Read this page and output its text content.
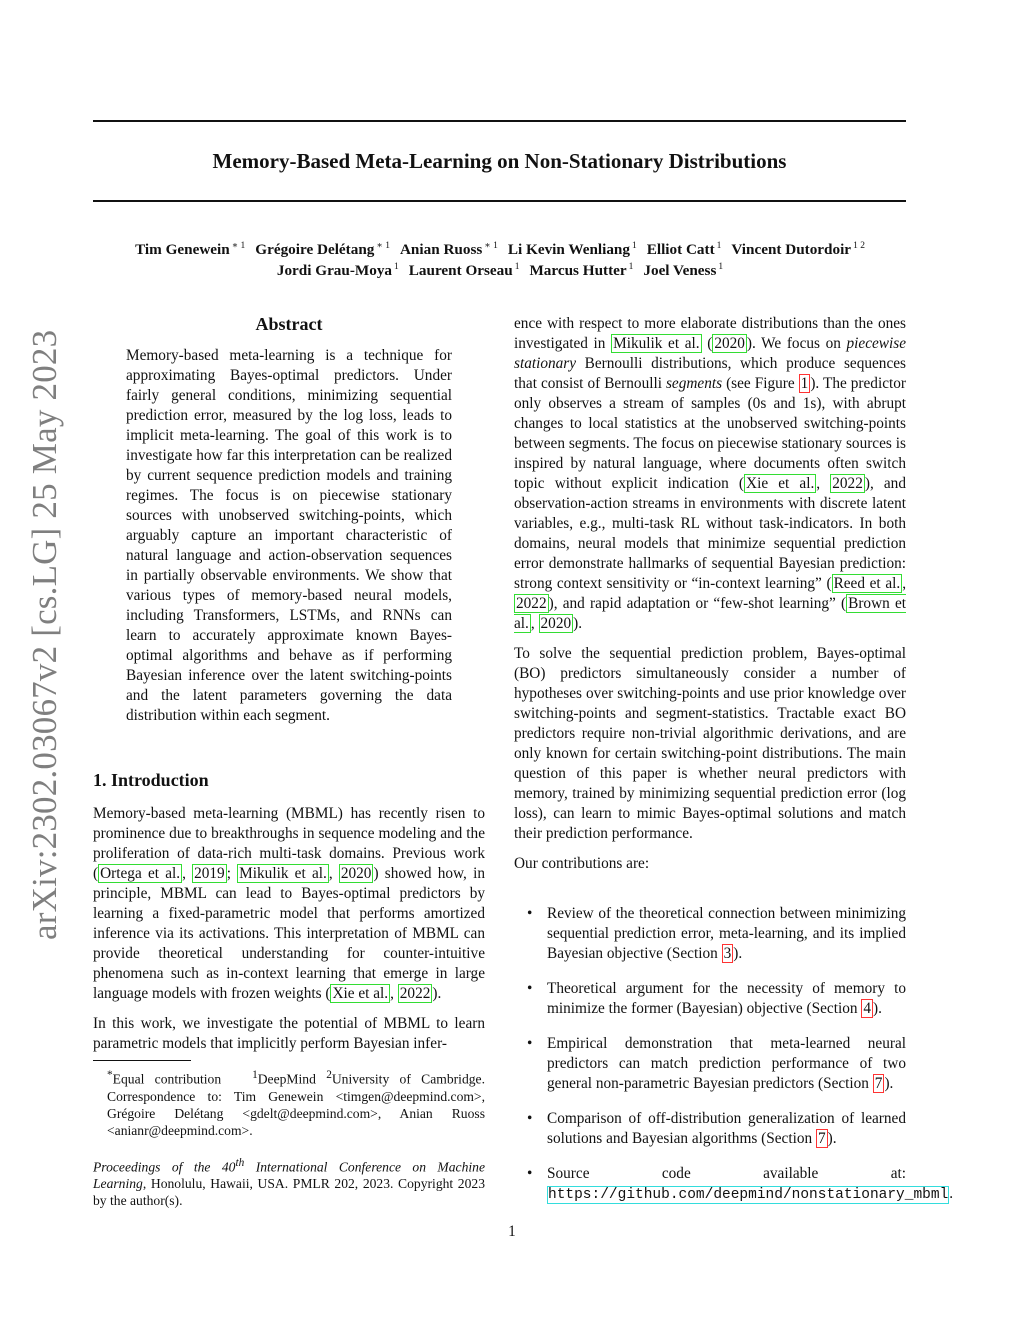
Memory-Based Meta-Learning on Non-Stationary Distributions
Tim Genewein $^{∗ 1}$ Grégoire Delétang $^{∗ 1}$ Anian Ruoss $^{∗ 1}$ Li Kevin Wenliang $^1$ Elliot Catt $^1$ Vincent Dutordoir $^{1 2}$
Jordi Grau-Moya $^1$ Laurent Orseau $^1$ Marcus Hutter $^1$ Joel Veness $^1$
arXiv:2302.03067v2 [cs.LG] 25 May 2023
Abstract
Memory-based meta-learning is a technique for approximating Bayes-optimal predictors. Under fairly general conditions, minimizing sequential prediction error, measured by the log loss, leads to implicit meta-learning. The goal of this work is to investigate how far this interpretation can be realized by current sequence prediction models and training regimes. The focus is on piecewise stationary sources with unobserved switching-points, which arguably capture an important characteristic of natural language and action-observation sequences in partially observable environments. We show that various types of memory-based neural models, including Transformers, LSTMs, and RNNs can learn to accurately approximate known Bayes-optimal algorithms and behave as if performing Bayesian inference over the latent switching-points and the latent parameters governing the data distribution within each segment.
1. Introduction

Memory-based meta-learning (MBML) has recently risen to prominence due to breakthroughs in sequence modeling and the proliferation of data-rich multi-task domains. Previous work ( Ortega et al. , 2019 ; Mikulik et al. , 2020 ) showed how, in principle, MBML can lead to Bayes-optimal predictors by learning a fixed-parametric model that performs amortized inference via its activations. This interpretation of MBML can provide theoretical understanding for counter-intuitive phenomena such as in-context learning that emerge in large language models with frozen weights ( Xie et al. , 2022 ).

In this work, we investigate the potential of MBML to learn parametric models that implicitly perform Bayesian infer-

*Equal contribution	$^1$DeepMind $^2$University of Cambridge. Correspondence to: Tim Genewein <timgen@deepmind.com>, Grégoire Delétang <gdelt@deepmind.com>, Anian Ruoss <anianr@deepmind.com>.
Proceedings of the 40th International Conference on Machine Learning, Honolulu, Hawaii, USA. PMLR 202, 2023. Copyright 2023 by the author(s).

ence with respect to more elaborate distributions than the ones investigated in Mikulik et al. ( 2020 ). We focus on piecewise stationary Bernoulli distributions, which produce sequences that consist of Bernoulli segments (see Figure 1 ). The predictor only observes a stream of samples (0s and 1s), with abrupt changes to local statistics at the unobserved switching-points between segments. The focus on piecewise stationary sources is inspired by natural language, where documents often switch topic without explicit indication ( Xie et al. , 2022 ), and observation-action streams in environments with discrete latent variables, e.g., multi-task RL without task-indicators. In both domains, neural models that minimize sequential prediction error demonstrate hallmarks of sequential Bayesian prediction: strong context sensitivity or “in-context learning” ( Reed et al. , 2022 ), and rapid adaptation or “few-shot learning” ( Brown et al. , 2020 ).

To solve the sequential prediction problem, Bayes-optimal (BO) predictors simultaneously consider a number of hypotheses over switching-points and use prior knowledge over switching-points and segment-statistics. Tractable exact BO predictors require non-trivial algorithmic derivations, and are only known for certain switching-point distributions. The main question of this paper is whether neural predictors with memory, trained by minimizing sequential prediction error (log loss), can learn to mimic Bayes-optimal solutions and match their prediction performance.

Our contributions are:

• Review of the theoretical connection between minimizing sequential prediction error, meta-learning, and its implied Bayesian objective (Section 3 ).
• Theoretical argument for the necessity of memory to minimize the former (Bayesian) objective (Section 4 ).
• Empirical demonstration that meta-learned neural predictors can match prediction performance of two general non-parametric Bayesian predictors (Section 7 ).
• Comparison of off-distribution generalization of learned solutions and Bayesian algorithms (Section 7 ).
• Source code available at: https://github.com/deepmind/nonstationary_mbml.
1
